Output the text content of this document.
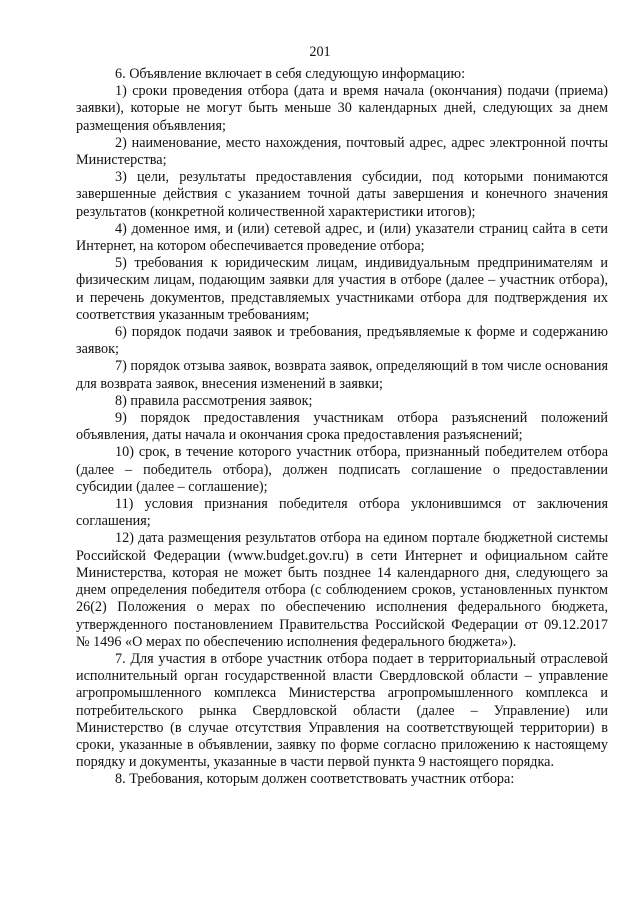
201

6. Объявление включает в себя следующую информацию:

1) сроки проведения отбора (дата и время начала (окончания) подачи (приема) заявки), которые не могут быть меньше 30 календарных дней, следующих за днем размещения объявления;

2) наименование, место нахождения, почтовый адрес, адрес электронной почты Министерства;

3) цели, результаты предоставления субсидии, под которыми понимаются завершенные действия с указанием точной даты завершения и конечного значения результатов (конкретной количественной характеристики итогов);

4) доменное имя, и (или) сетевой адрес, и (или) указатели страниц сайта в сети Интернет, на котором обеспечивается проведение отбора;

5) требования к юридическим лицам, индивидуальным предпринимателям и физическим лицам, подающим заявки для участия в отборе (далее – участник отбора), и перечень документов, представляемых участниками отбора для подтверждения их соответствия указанным требованиям;

6) порядок подачи заявок и требования, предъявляемые к форме и содержанию заявок;

7) порядок отзыва заявок, возврата заявок, определяющий в том числе основания для возврата заявок, внесения изменений в заявки;

8) правила рассмотрения заявок;

9) порядок предоставления участникам отбора разъяснений положений объявления, даты начала и окончания срока предоставления разъяснений;

10) срок, в течение которого участник отбора, признанный победителем отбора (далее – победитель отбора), должен подписать соглашение о предоставлении субсидии (далее – соглашение);

11) условия признания победителя отбора уклонившимся от заключения соглашения;

12) дата размещения результатов отбора на едином портале бюджетной системы Российской Федерации (www.budget.gov.ru) в сети Интернет и официальном сайте Министерства, которая не может быть позднее 14 календарного дня, следующего за днем определения победителя отбора (с соблюдением сроков, установленных пунктом 26(2) Положения о мерах по обеспечению исполнения федерального бюджета, утвержденного постановлением Правительства Российской Федерации от 09.12.2017 № 1496 «О мерах по обеспечению исполнения федерального бюджета»).

7. Для участия в отборе участник отбора подает в территориальный отраслевой исполнительный орган государственной власти Свердловской области – управление агропромышленного комплекса Министерства агропромышленного комплекса и потребительского рынка Свердловской области (далее – Управление) или Министерство (в случае отсутствия Управления на соответствующей территории) в сроки, указанные в объявлении, заявку по форме согласно приложению к настоящему порядку и документы, указанные в части первой пункта 9 настоящего порядка.

8. Требования, которым должен соответствовать участник отбора:
